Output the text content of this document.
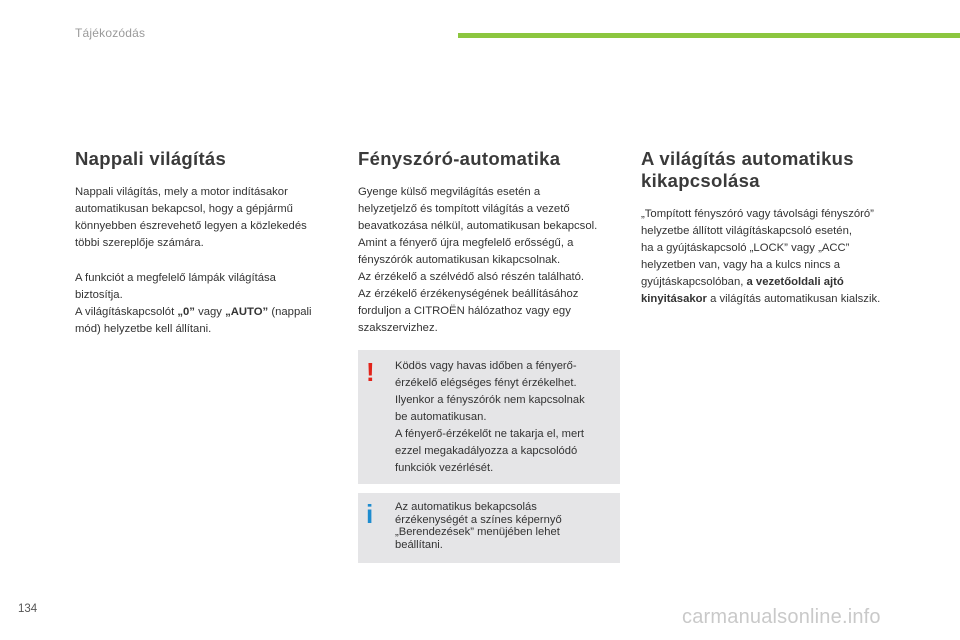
Tájékozódás
Nappali világítás

Nappali világítás, mely a motor indításakor
automatikusan bekapcsol, hogy a gépjármű
könnyebben észrevehető legyen a közlekedés
többi szereplője számára.

A funkciót a megfelelő lámpák világítása
biztosítja.
A világításkapcsolót „0” vagy „AUTO” (nappali
mód) helyzetbe kell állítani.

Fényszóró-automatika

Gyenge külső megvilágítás esetén a
helyzetjelző és tompított világítás a vezető
beavatkozása nélkül, automatikusan bekapcsol.
Amint a fényerő újra megfelelő erősségű, a
fényszórók automatikusan kikapcsolnak.
Az érzékelő a szélvédő alsó részén található.
Az érzékelő érzékenységének beállításához
forduljon a CITROËN hálózathoz vagy egy
szakszervizhez.

! Ködös vagy havas időben a fényerő-
érzékelő elégséges fényt érzékelhet.
Ilyenkor a fényszórók nem kapcsolnak
be automatikusan.
A fényerő-érzékelőt ne takarja el, mert
ezzel megakadályozza a kapcsolódó
funkciók vezérlését.
i Az automatikus bekapcsolás
érzékenységét a színes képernyő
„Berendezések” menüjében lehet
beállítani.
A világítás automatikus
kikapcsolása

„Tompított fényszóró vagy távolsági fényszóró”
helyzetbe állított világításkapcsoló esetén,
ha a gyújtáskapcsoló „LOCK” vagy „ACC”
helyzetben van, vagy ha a kulcs nincs a
gyújtáskapcsolóban, a vezetőoldali ajtó
kinyitásakor a világítás automatikusan kialszik.

134	carmanualsonline.info
